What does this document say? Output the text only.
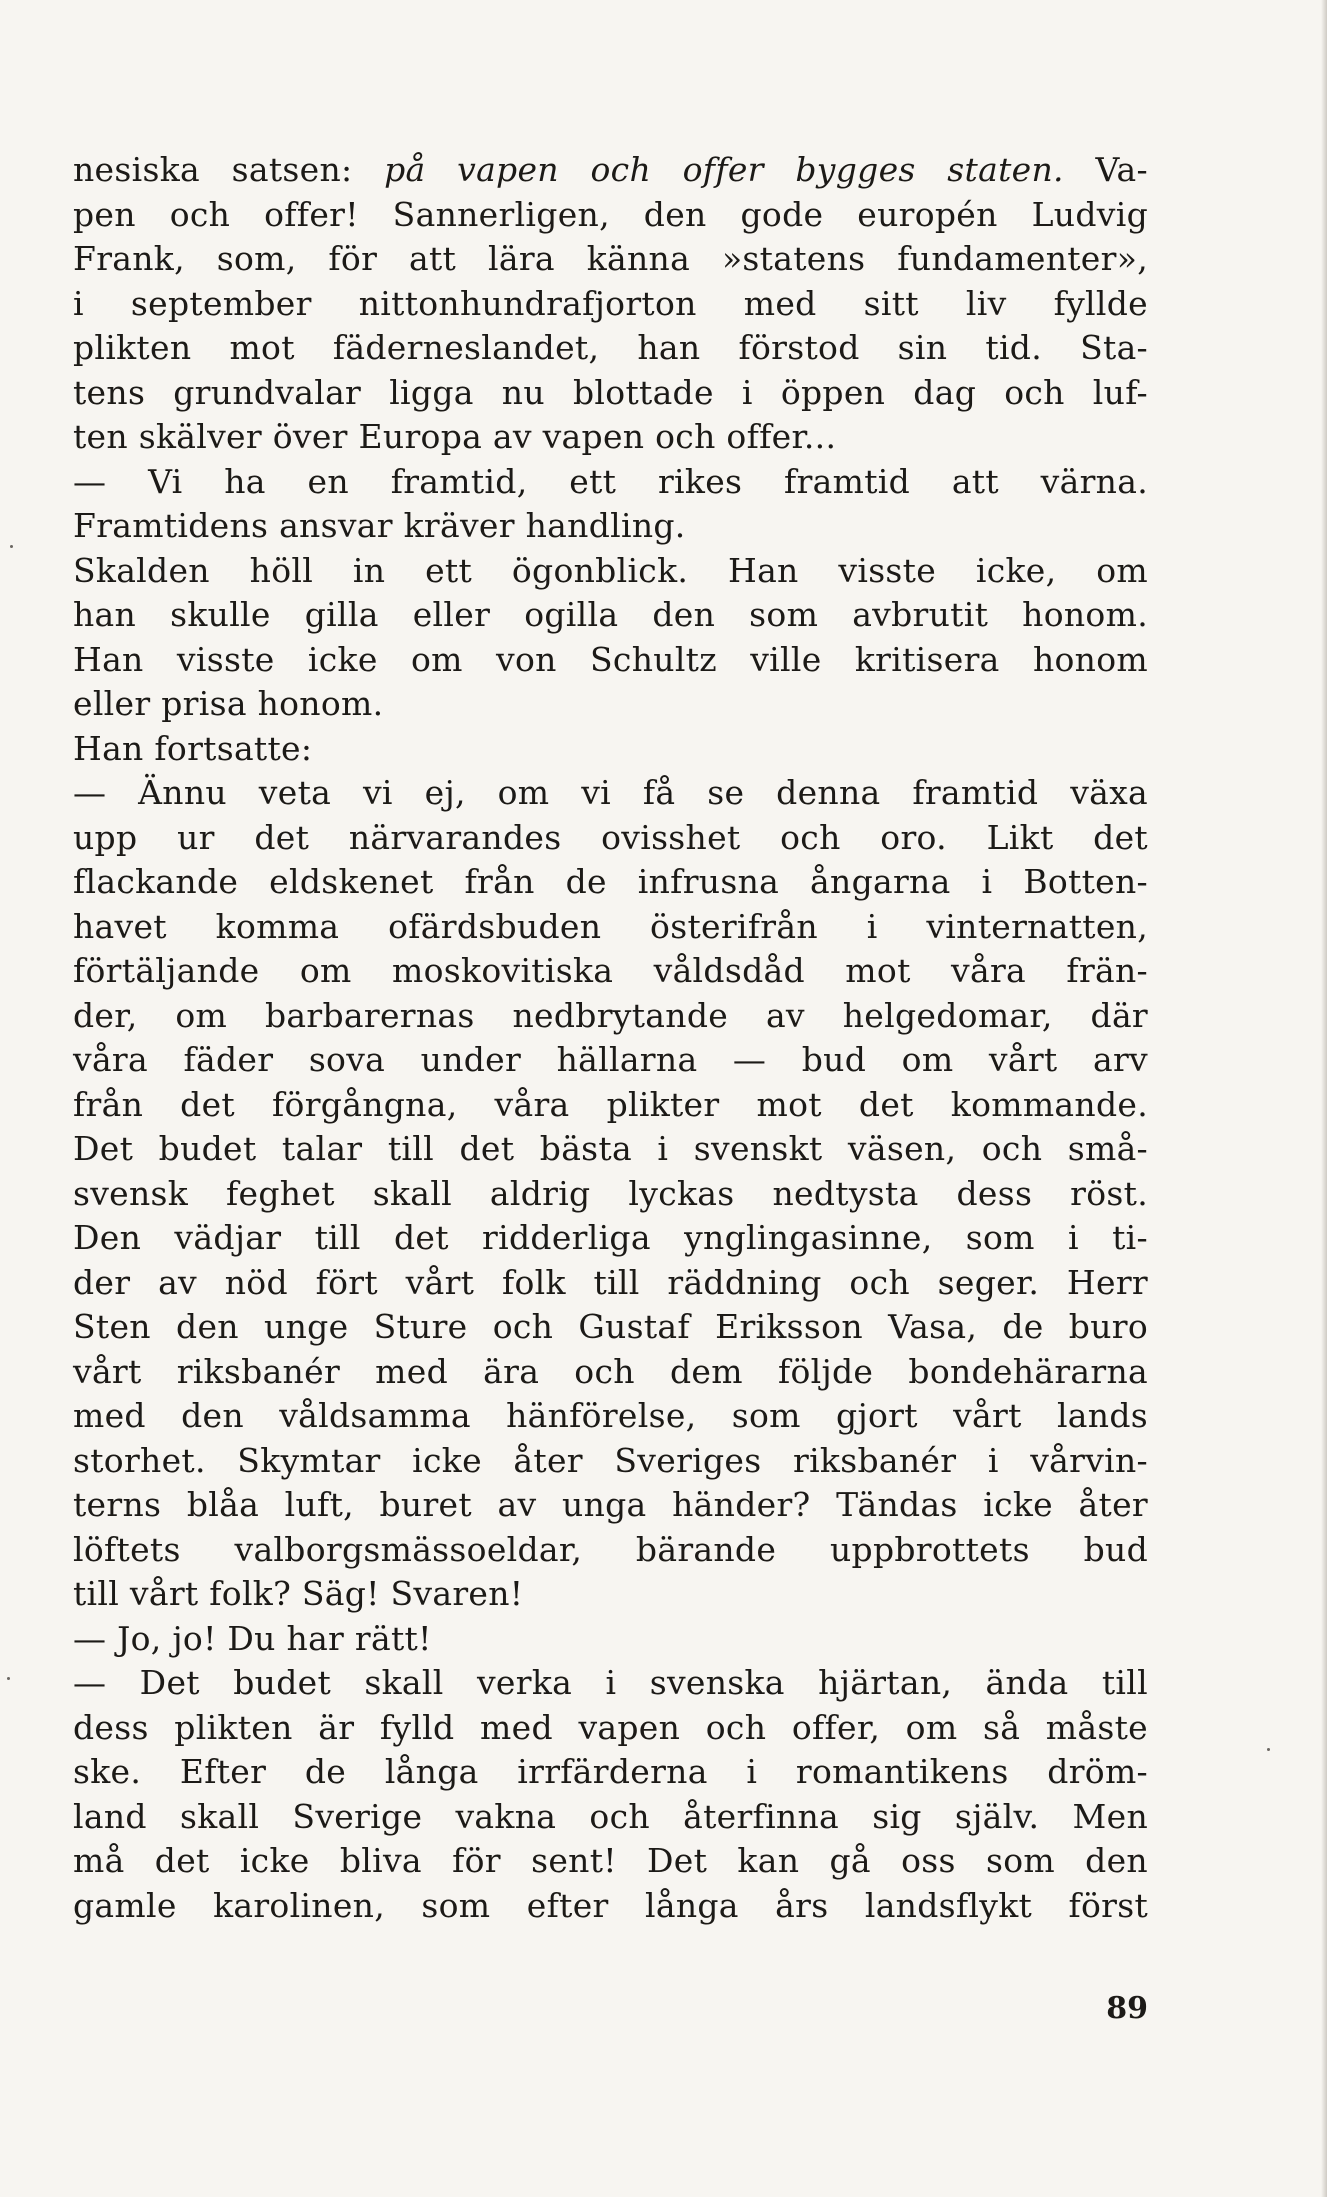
nesiska satsen: på vapen och offer bygges staten. Va-
pen och offer! Sannerligen, den gode europén Ludvig
Frank, som, för att lära känna »statens fundamenter»,
i september nittonhundrafjorton med sitt liv fyllde
plikten mot fäderneslandet, han förstod sin tid. Sta-
tens grundvalar ligga nu blottade i öppen dag och luf-
ten skälver över Europa av vapen och offer...
— Vi ha en framtid, ett rikes framtid att värna.
Framtidens ansvar kräver handling.
Skalden höll in ett ögonblick. Han visste icke, om
han skulle gilla eller ogilla den som avbrutit honom.
Han visste icke om von Schultz ville kritisera honom
eller prisa honom.
Han fortsatte:
— Ännu veta vi ej, om vi få se denna framtid växa
upp ur det närvarandes ovisshet och oro. Likt det
flackande eldskenet från de infrusna ångarna i Botten-
havet komma ofärdsbuden österifrån i vinternatten,
förtäljande om moskovitiska våldsdåd mot våra frän-
der, om barbarernas nedbrytande av helgedomar, där
våra fäder sova under hällarna — bud om vårt arv
från det förgångna, våra plikter mot det kommande.
Det budet talar till det bästa i svenskt väsen, och små-
svensk feghet skall aldrig lyckas nedtysta dess röst.
Den vädjar till det ridderliga ynglingasinne, som i ti-
der av nöd fört vårt folk till räddning och seger. Herr
Sten den unge Sture och Gustaf Eriksson Vasa, de buro
vårt riksbanér med ära och dem följde bondehärarna
med den våldsamma hänförelse, som gjort vårt lands
storhet. Skymtar icke åter Sveriges riksbanér i vårvin-
terns blåa luft, buret av unga händer? Tändas icke åter
löftets valborgsmässoeldar, bärande uppbrottets bud
till vårt folk? Säg! Svaren!
— Jo, jo! Du har rätt!
— Det budet skall verka i svenska hjärtan, ända till
dess plikten är fylld med vapen och offer, om så måste
ske. Efter de långa irrfärderna i romantikens dröm-
land skall Sverige vakna och återfinna sig själv. Men
må det icke bliva för sent! Det kan gå oss som den
gamle karolinen, som efter långa års landsflykt först
89
